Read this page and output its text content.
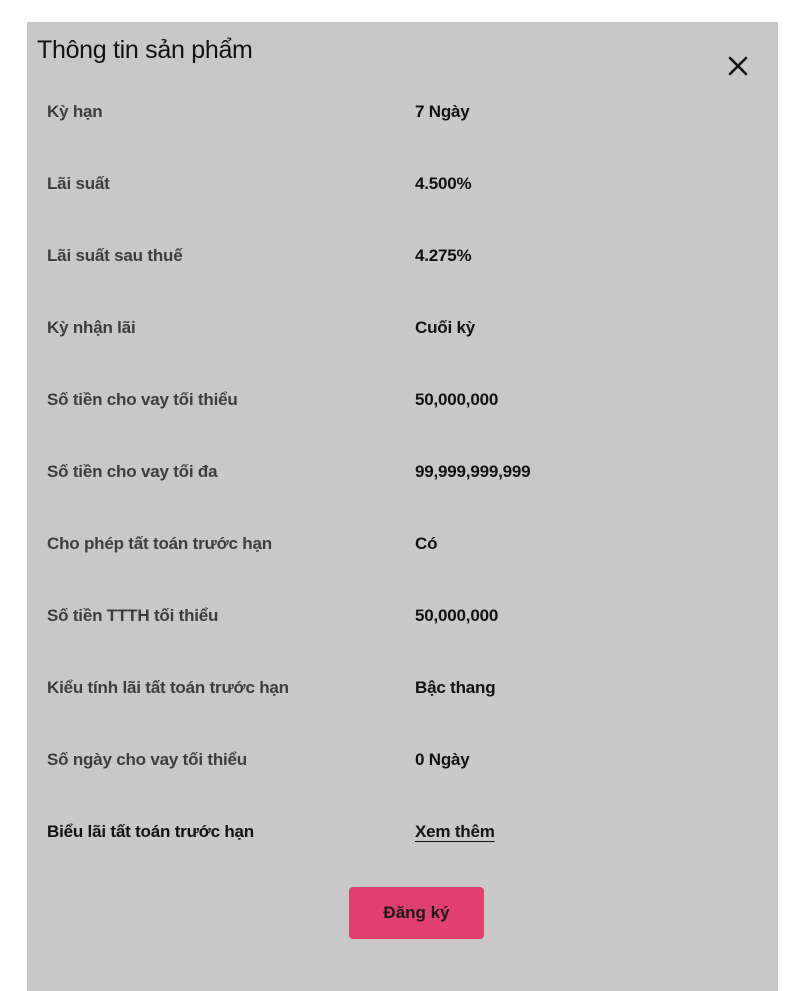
Thông tin sản phẩm
Kỳ hạn	7 Ngày
Lãi suất	4.500%
Lãi suất sau thuế	4.275%
Kỳ nhận lãi	Cuối kỳ
Số tiền cho vay tối thiểu	50,000,000
Số tiền cho vay tối đa	99,999,999,999
Cho phép tất toán trước hạn	Có
Số tiền TTTH tối thiểu	50,000,000
Kiểu tính lãi tất toán trước hạn	Bậc thang
Số ngày cho vay tối thiểu	0 Ngày
Biểu lãi tất toán trước hạn	Xem thêm
Đăng ký
